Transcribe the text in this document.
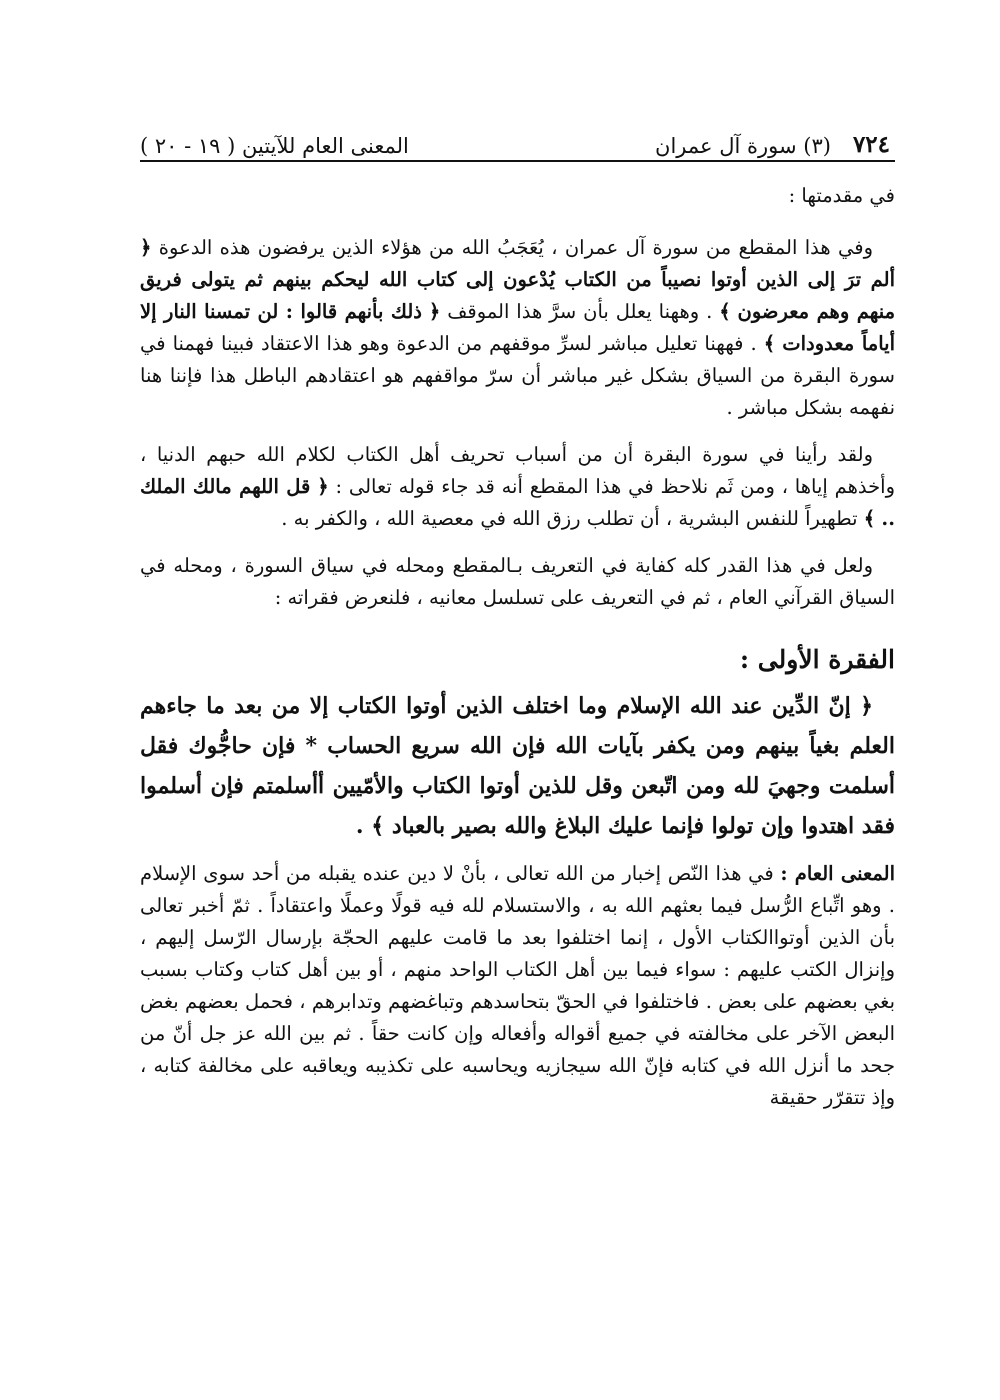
٧٢٤
(٣) سورة آل عمران
المعنى العام للآيتين ( ١٩ - ٢٠ )

في مقدمتها :

وفي هذا المقطع من سورة آل عمران ، يُعَجَبُ الله من هؤلاء الذين يرفضون هذه الدعوة ﴿ ألم ترَ إلى الذين أوتوا نصيباً من الكتاب يُدْعون إلى كتاب الله ليحكم بينهم ثم يتولى فريق منهم وهم معرضون ﴾ . وههنا يعلل بأن سرَّ هذا الموقف ﴿ ذلك بأنهم قالوا : لن تمسنا النار إلا أياماً معدودات ﴾ . فههنا تعليل مباشر لسرِّ موقفهم من الدعوة وهو هذا الاعتقاد فبينا فهمنا في سورة البقرة من السياق بشكل غير مباشر أن سرّ مواقفهم هو اعتقادهم الباطل هذا فإننا هنا نفهمه بشكل مباشر .

ولقد رأينا في سورة البقرة أن من أسباب تحريف أهل الكتاب لكلام الله حبهم الدنيا ، وأخذهم إياها ، ومن ثَم نلاحظ في هذا المقطع أنه قد جاء قوله تعالى : ﴿ قل اللهم مالك الملك .. ﴾ تطهيراً للنفس البشرية ، أن تطلب رزق الله في معصية الله ، والكفر به .

ولعل في هذا القدر كله كفاية في التعريف بـالمقطع ومحله في سياق السورة ، ومحله في السياق القرآني العام ، ثم في التعريف على تسلسل معانيه ، فلنعرض فقراته :

الفقرة الأولى :

﴿ إنّ الدِّين عند الله الإسلام وما اختلف الذين أوتوا الكتاب إلا من بعد ما جاءهم العلم بغياً بينهم ومن يكفر بآيات الله فإن الله سريع الحساب * فإن حاجُّوك فقل أسلمت وجهيَ لله ومن اتّبعن وقل للذين أوتوا الكتاب والأمّيين أأسلمتم فإن أسلموا فقد اهتدوا وإن تولوا فإنما عليك البلاغ والله بصير بالعباد ﴾ .

المعنى العام : في هذا النّص إخبار من الله تعالى ، بأنْ لا دين عنده يقبله من أحد سوى الإسلام . وهو اتِّباع الرُّسل فيما بعثهم الله به ، والاستسلام لله فيه قولًا وعملًا واعتقاداً . ثمّ أخبر تعالى بأن الذين أوتواالكتاب الأول ، إنما اختلفوا بعد ما قامت عليهم الحجّة بإرسال الرّسل إليهم ، وإنزال الكتب عليهم : سواء فيما بين أهل الكتاب الواحد منهم ، أو بين أهل كتاب وكتاب بسبب بغي بعضهم على بعض . فاختلفوا في الحقّ بتحاسدهم وتباغضهم وتدابرهم ، فحمل بعضهم بغض البعض الآخر على مخالفته في جميع أقواله وأفعاله وإن كانت حقاً . ثم بين الله عز جل أنّ من جحد ما أنزل الله في كتابه فإنّ الله سيجازيه ويحاسبه على تكذيبه ويعاقبه على مخالفة كتابه ، وإذ تتقرّر حقيقة
